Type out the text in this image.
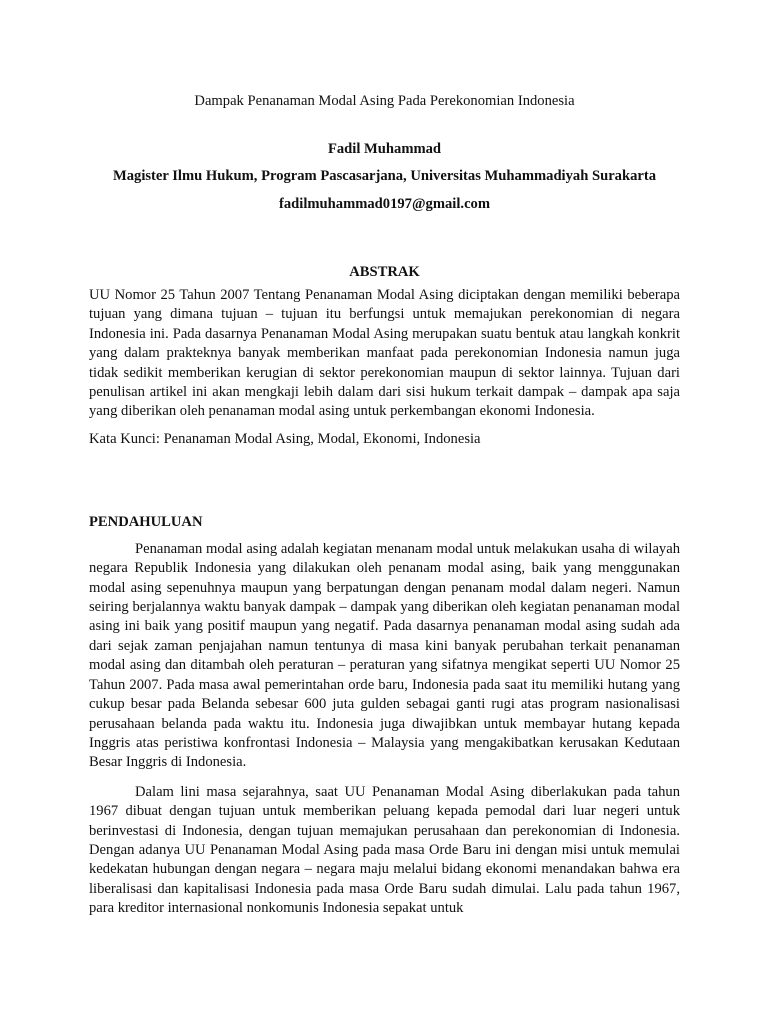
Dampak Penanaman Modal Asing Pada Perekonomian Indonesia

Fadil Muhammad

Magister Ilmu Hukum, Program Pascasarjana, Universitas Muhammadiyah Surakarta

fadilmuhammad0197@gmail.com

ABSTRAK

UU Nomor 25 Tahun 2007 Tentang Penanaman Modal Asing diciptakan dengan memiliki beberapa tujuan yang dimana tujuan – tujuan itu berfungsi untuk memajukan perekonomian di negara Indonesia ini. Pada dasarnya Penanaman Modal Asing merupakan suatu bentuk atau langkah konkrit yang dalam prakteknya banyak memberikan manfaat pada perekonomian Indonesia namun juga tidak sedikit memberikan kerugian di sektor perekonomian maupun di sektor lainnya. Tujuan dari penulisan artikel ini akan mengkaji lebih dalam dari sisi hukum terkait dampak – dampak apa saja yang diberikan oleh penanaman modal asing untuk perkembangan ekonomi Indonesia.

Kata Kunci: Penanaman Modal Asing, Modal, Ekonomi, Indonesia

PENDAHULUAN

Penanaman modal asing adalah kegiatan menanam modal untuk melakukan usaha di wilayah negara Republik Indonesia yang dilakukan oleh penanam modal asing, baik yang menggunakan modal asing sepenuhnya maupun yang berpatungan dengan penanam modal dalam negeri. Namun seiring berjalannya waktu banyak dampak – dampak yang diberikan oleh kegiatan penanaman modal asing ini baik yang positif maupun yang negatif. Pada dasarnya penanaman modal asing sudah ada dari sejak zaman penjajahan namun tentunya di masa kini banyak perubahan terkait penanaman modal asing dan ditambah oleh peraturan – peraturan yang sifatnya mengikat seperti UU Nomor 25 Tahun 2007. Pada masa awal pemerintahan orde baru, Indonesia pada saat itu memiliki hutang yang cukup besar pada Belanda sebesar 600 juta gulden sebagai ganti rugi atas program nasionalisasi perusahaan belanda pada waktu itu. Indonesia juga diwajibkan untuk membayar hutang kepada Inggris atas peristiwa konfrontasi Indonesia – Malaysia yang mengakibatkan kerusakan Kedutaan Besar Inggris di Indonesia.

Dalam lini masa sejarahnya, saat UU Penanaman Modal Asing diberlakukan pada tahun 1967 dibuat dengan tujuan untuk memberikan peluang kepada pemodal dari luar negeri untuk berinvestasi di Indonesia, dengan tujuan memajukan perusahaan dan perekonomian di Indonesia. Dengan adanya UU Penanaman Modal Asing pada masa Orde Baru ini dengan misi untuk memulai kedekatan hubungan dengan negara – negara maju melalui bidang ekonomi menandakan bahwa era liberalisasi dan kapitalisasi Indonesia pada masa Orde Baru sudah dimulai. Lalu pada tahun 1967, para kreditor internasional nonkomunis Indonesia sepakat untuk
